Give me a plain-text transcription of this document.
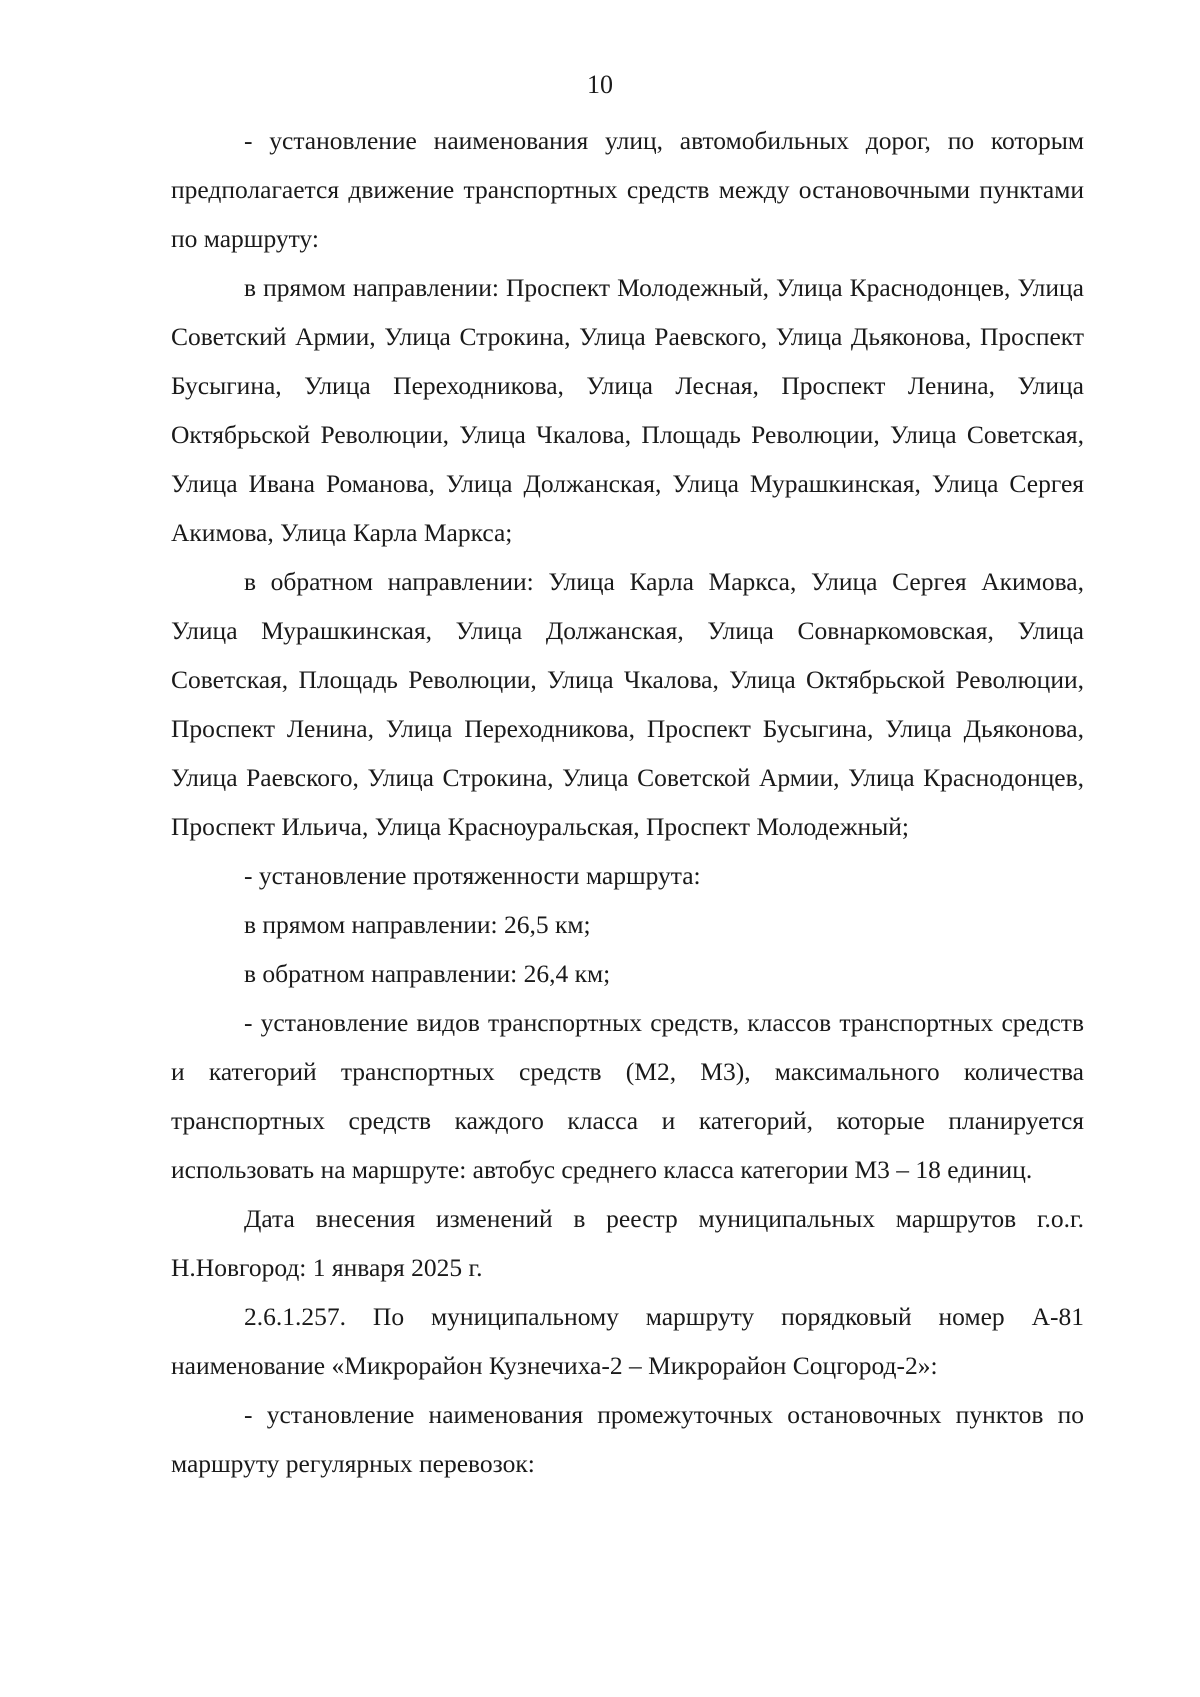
10

- установление наименования улиц, автомобильных дорог, по которым предполагается движение транспортных средств между остановочными пунктами по маршруту:

в прямом направлении: Проспект Молодежный, Улица Краснодонцев, Улица Советский Армии, Улица Строкина, Улица Раевского, Улица Дьяконова, Проспект Бусыгина, Улица Переходникова, Улица Лесная, Проспект Ленина, Улица Октябрьской Революции, Улица Чкалова, Площадь Революции, Улица Советская, Улица Ивана Романова, Улица Должанская, Улица Мурашкинская, Улица Сергея Акимова, Улица Карла Маркса;

в обратном направлении: Улица Карла Маркса, Улица Сергея Акимова, Улица Мурашкинская, Улица Должанская, Улица Совнаркомовская, Улица Советская, Площадь Революции, Улица Чкалова, Улица Октябрьской Революции, Проспект Ленина, Улица Переходникова, Проспект Бусыгина, Улица Дьяконова, Улица Раевского, Улица Строкина, Улица Советской Армии, Улица Краснодонцев, Проспект Ильича, Улица Красноуральская, Проспект Молодежный;

- установление протяженности маршрута:

в прямом направлении: 26,5 км;

в обратном направлении: 26,4 км;

- установление видов транспортных средств, классов транспортных средств и категорий транспортных средств (М2, М3), максимального количества транспортных средств каждого класса и категорий, которые планируется использовать на маршруте: автобус среднего класса категории М3 – 18 единиц.

Дата внесения изменений в реестр муниципальных маршрутов г.о.г. Н.Новгород: 1 января 2025 г.

2.6.1.257. По муниципальному маршруту порядковый номер А-81 наименование «Микрорайон Кузнечиха-2 – Микрорайон Соцгород-2»:

- установление наименования промежуточных остановочных пунктов по маршруту регулярных перевозок:
